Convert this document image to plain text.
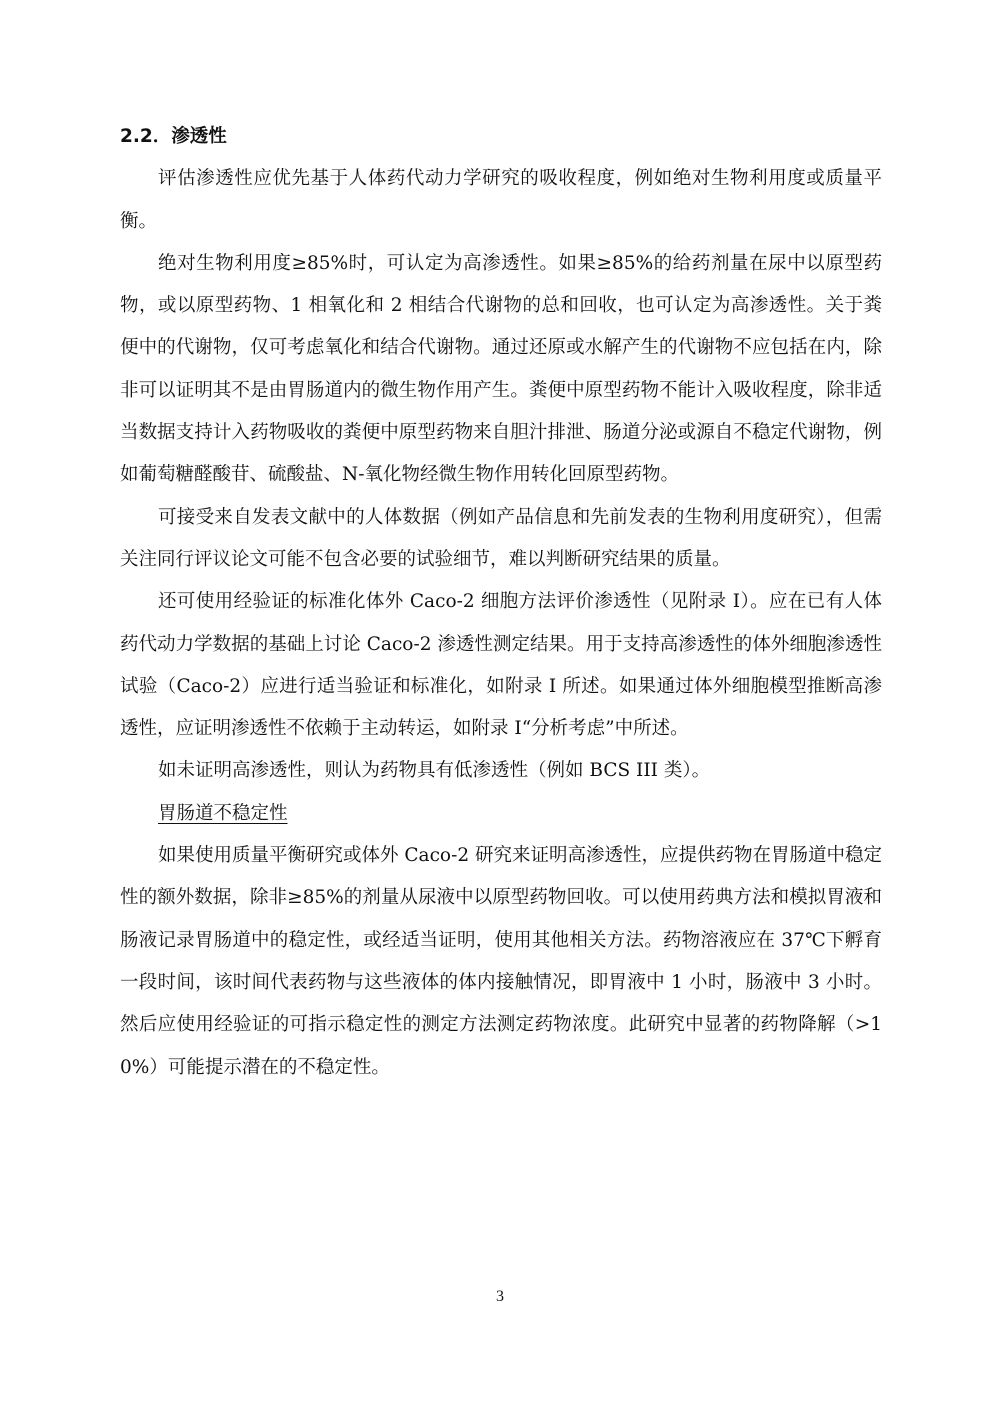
2.2．渗透性

评估渗透性应优先基于人体药代动力学研究的吸收程度，例如绝对生物利用度或质量平衡。

绝对生物利用度≥85%时，可认定为高渗透性。如果≥85%的给药剂量在尿中以原型药物，或以原型药物、1 相氧化和 2 相结合代谢物的总和回收，也可认定为高渗透性。关于粪便中的代谢物，仅可考虑氧化和结合代谢物。通过还原或水解产生的代谢物不应包括在内，除非可以证明其不是由胃肠道内的微生物作用产生。粪便中原型药物不能计入吸收程度，除非适当数据支持计入药物吸收的粪便中原型药物来自胆汁排泄、肠道分泌或源自不稳定代谢物，例如葡萄糖醛酸苷、硫酸盐、N-氧化物经微生物作用转化回原型药物。

可接受来自发表文献中的人体数据（例如产品信息和先前发表的生物利用度研究），但需关注同行评议论文可能不包含必要的试验细节，难以判断研究结果的质量。

还可使用经验证的标准化体外 Caco-2 细胞方法评价渗透性（见附录 I）。应在已有人体药代动力学数据的基础上讨论 Caco-2 渗透性测定结果。用于支持高渗透性的体外细胞渗透性试验（Caco-2）应进行适当验证和标准化，如附录 I 所述。如果通过体外细胞模型推断高渗透性，应证明渗透性不依赖于主动转运，如附录 I“分析考虑”中所述。

如未证明高渗透性，则认为药物具有低渗透性（例如 BCS III 类）。

胃肠道不稳定性

如果使用质量平衡研究或体外 Caco-2 研究来证明高渗透性，应提供药物在胃肠道中稳定性的额外数据，除非≥85%的剂量从尿液中以原型药物回收。可以使用药典方法和模拟胃液和肠液记录胃肠道中的稳定性，或经适当证明，使用其他相关方法。药物溶液应在 37℃下孵育一段时间，该时间代表药物与这些液体的体内接触情况，即胃液中 1 小时，肠液中 3 小时。然后应使用经验证的可指示稳定性的测定方法测定药物浓度。此研究中显著的药物降解（>10%）可能提示潜在的不稳定性。

3
